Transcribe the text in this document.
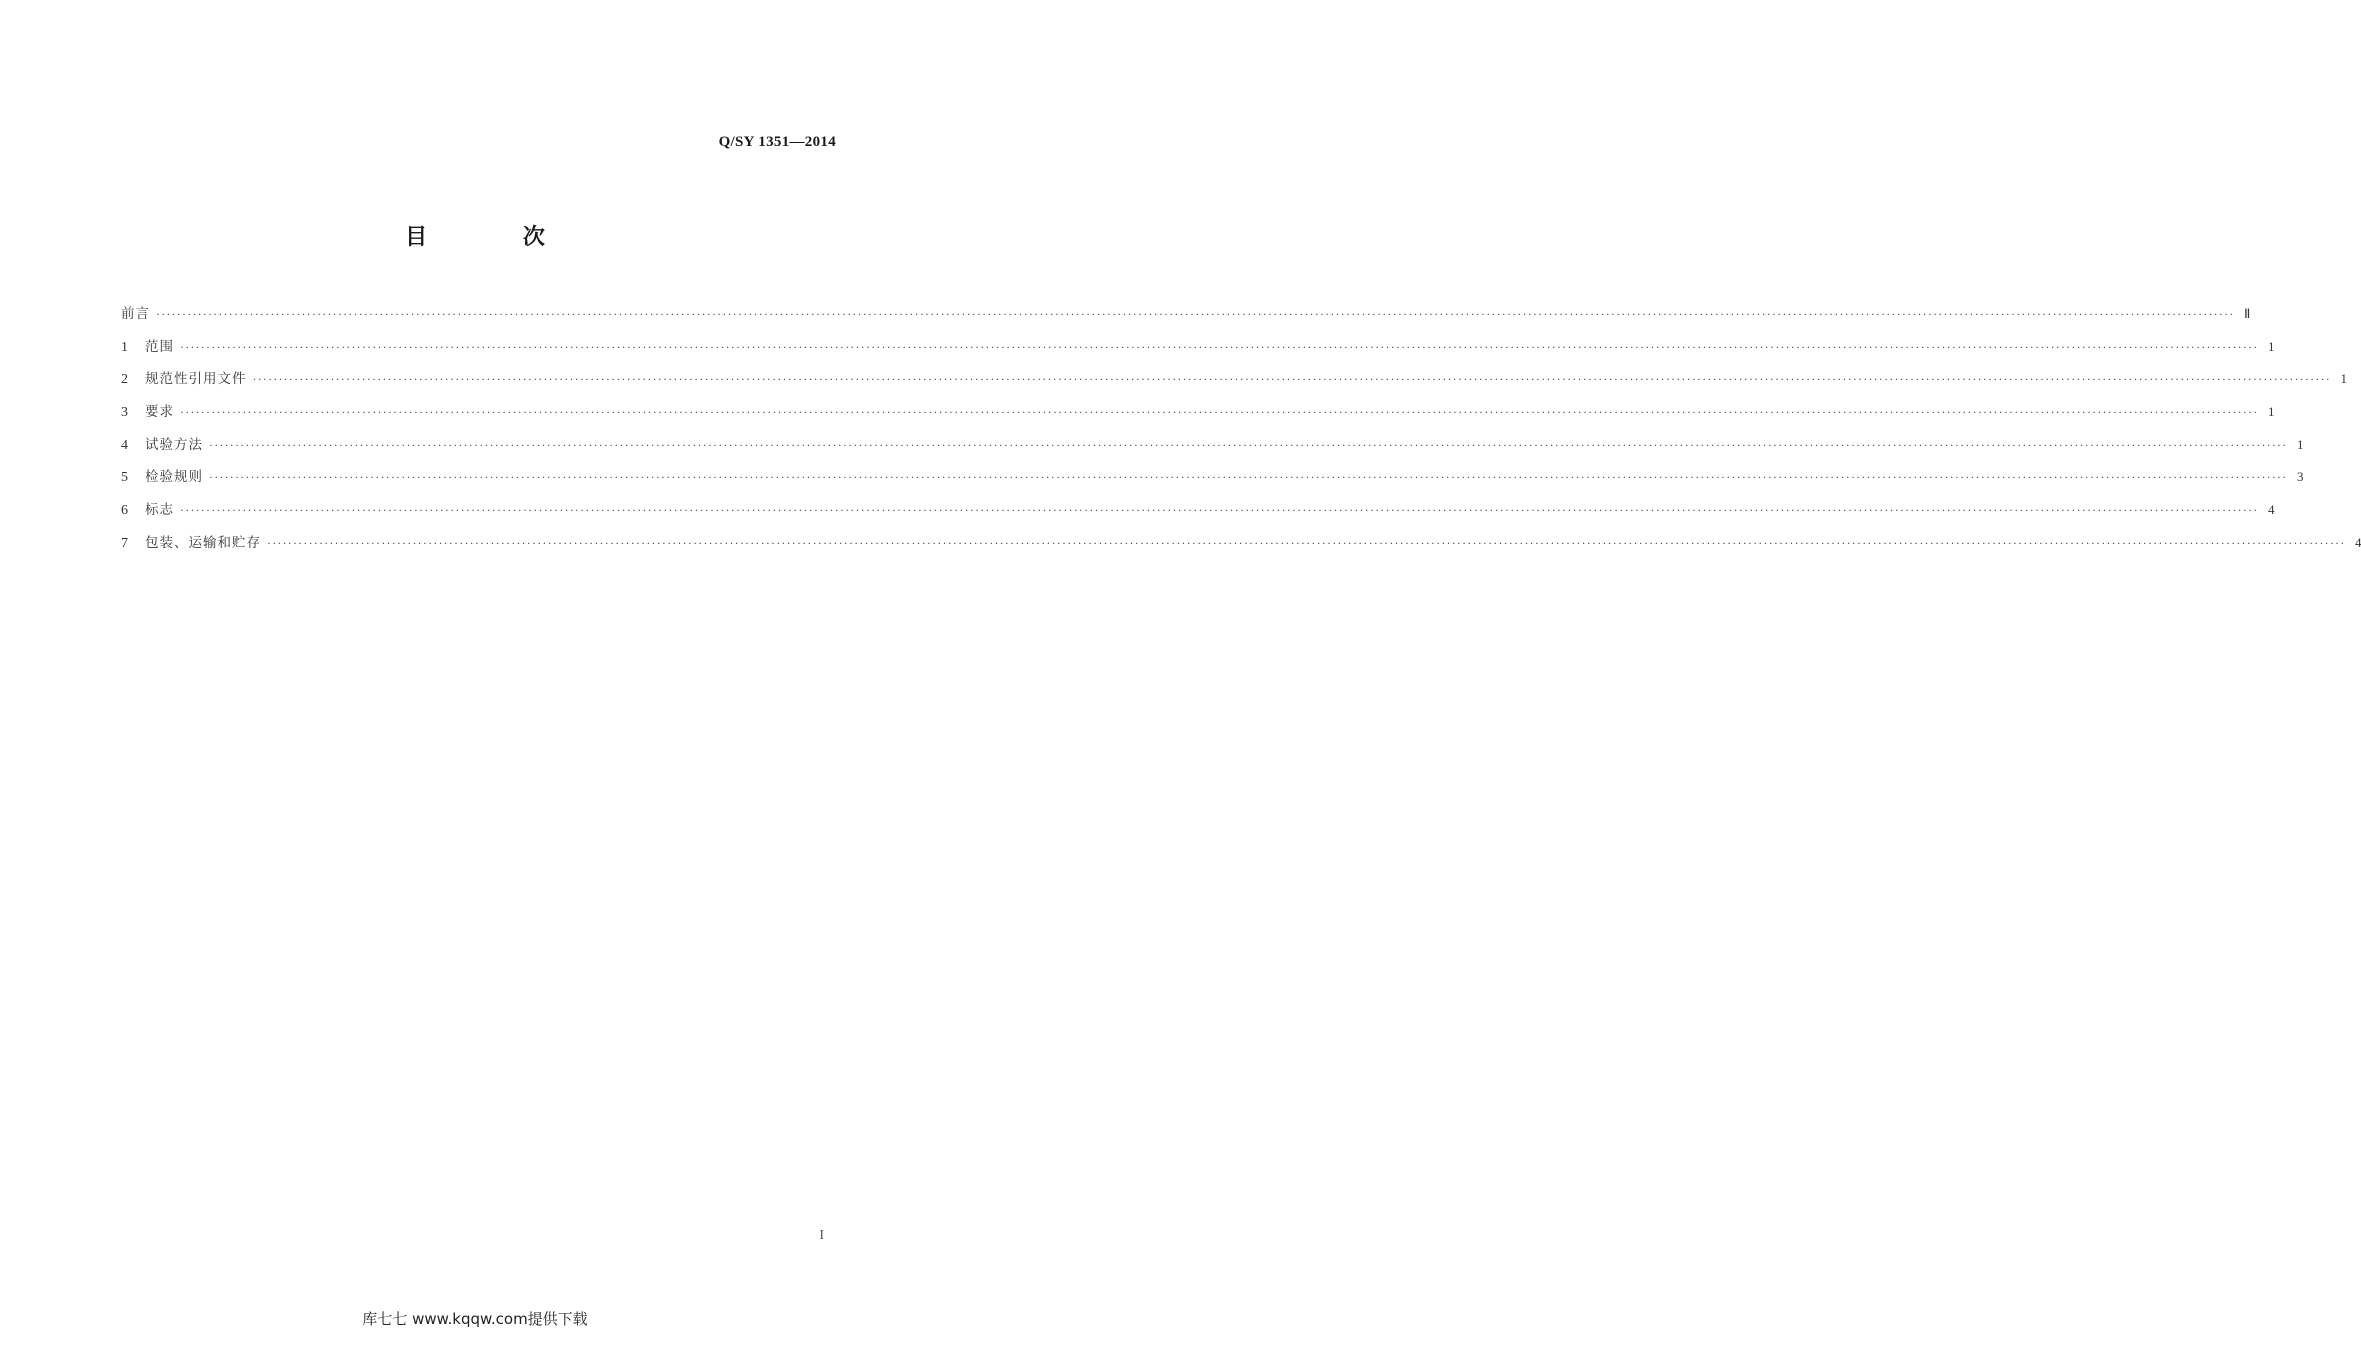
Q/SY 1351—2014
目 次
前言 ················································································································································································································································································································································································································ Ⅱ
1	范围 ················································································································································································································································································································································································································ 1
2	规范性引用文件 ················································································································································································································································································································································································································ 1
3	要求 ················································································································································································································································································································································································································ 1
4	试验方法 ················································································································································································································································································································································································································ 1
5	检验规则 ················································································································································································································································································································································································································ 3
6	标志 ················································································································································································································································································································································································································ 4
7	包装、运输和贮存 ················································································································································································································································································································································································································ 4
I
库七七 www.kqqw.com提供下载
